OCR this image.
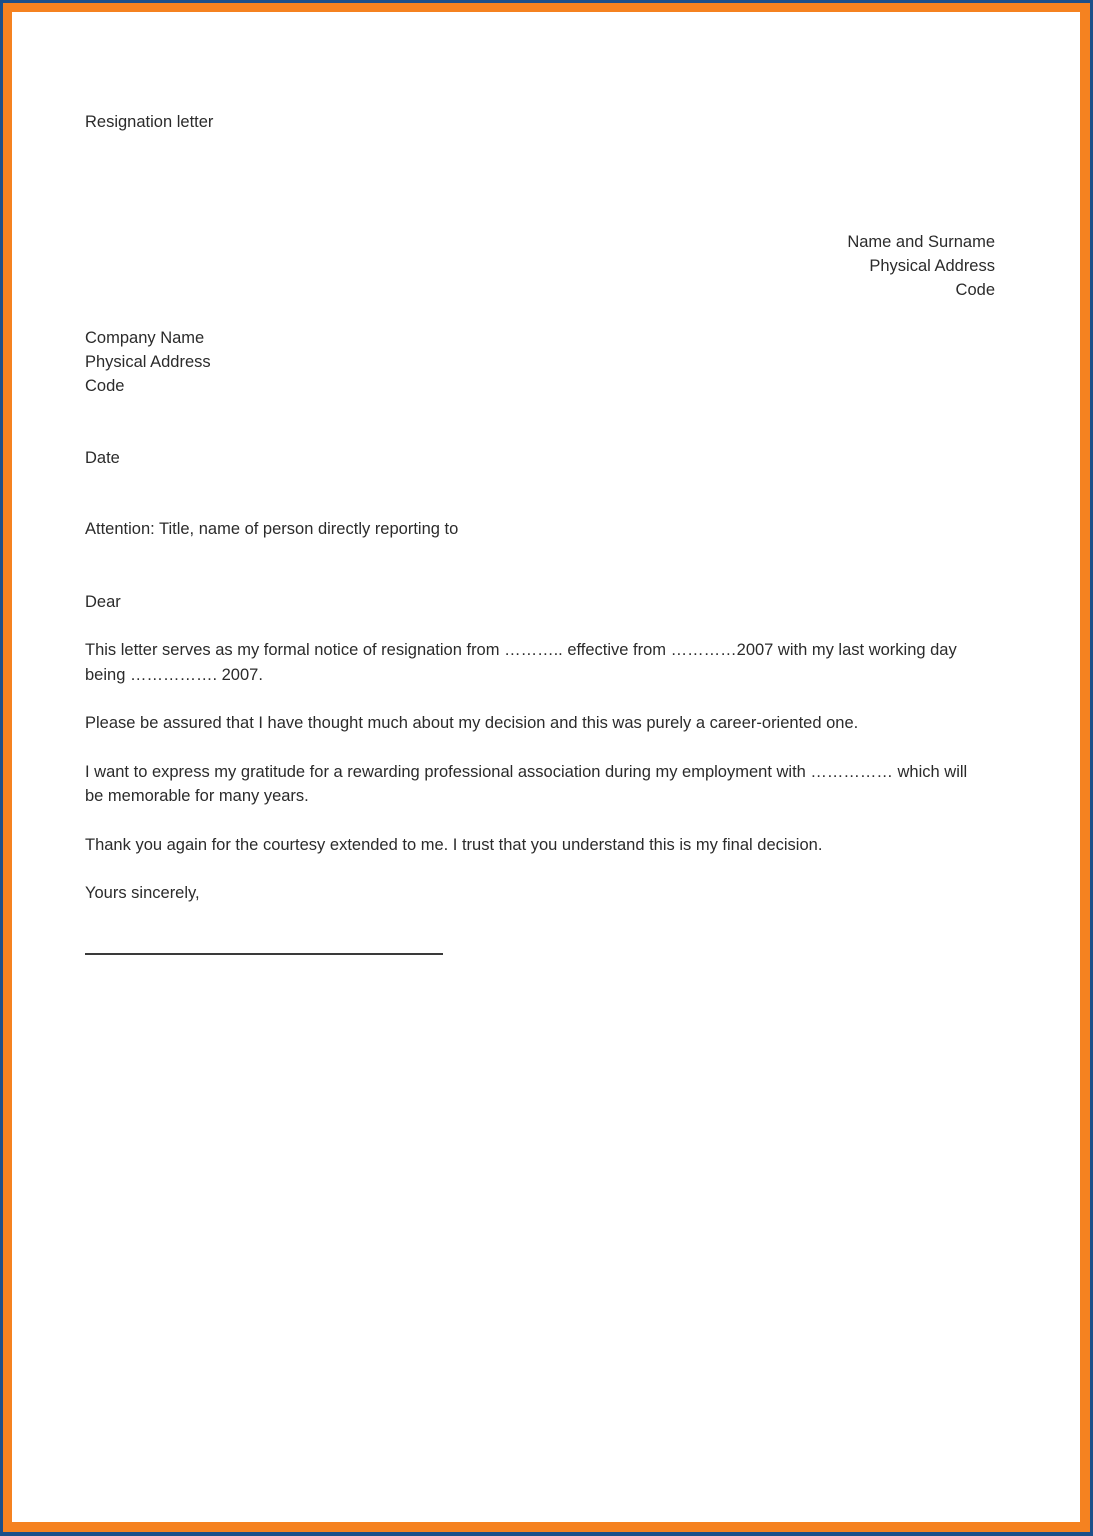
Resignation letter

Name and Surname
Physical Address
Code
Company Name
Physical Address
Code
Date
Attention: Title, name of person directly reporting to
Dear

This letter serves as my formal notice of resignation from ……….. effective from …………2007 with my last working day being ……………. 2007.

Please be assured that I have thought much about my decision and this was purely a career-oriented one.

I want to express my gratitude for a rewarding professional association during my employment with …………… which will be memorable for many years.

Thank you again for the courtesy extended to me. I trust that you understand this is my final decision.

Yours sincerely,
